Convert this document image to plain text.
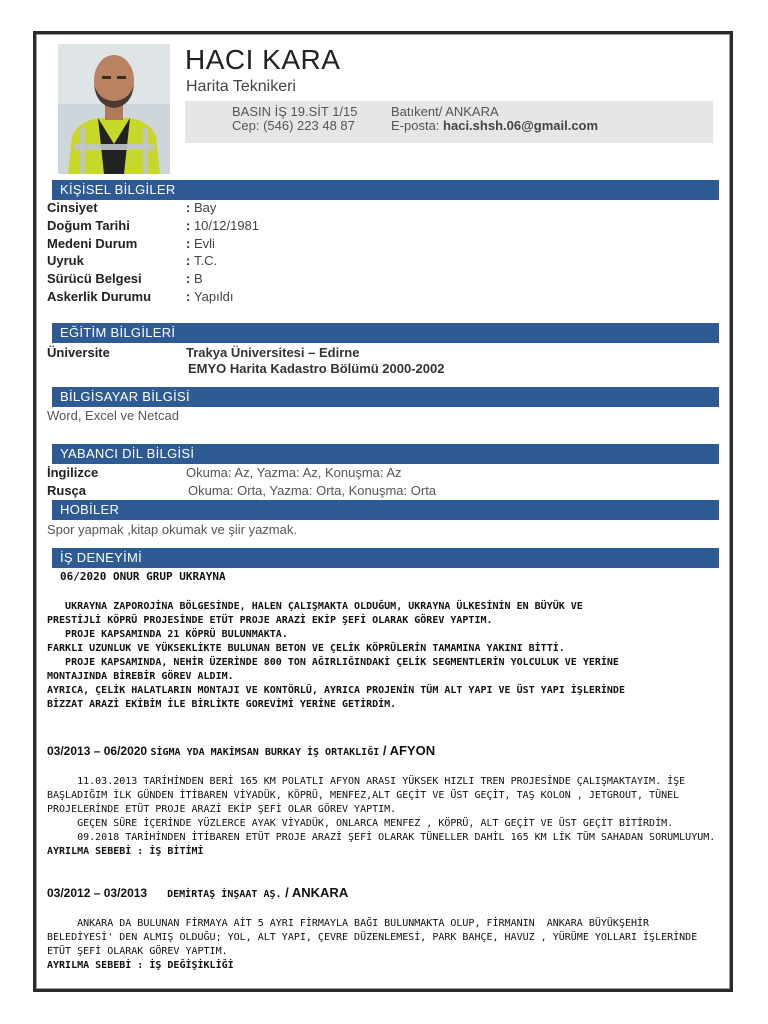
HACI KARA
Harita Teknikeri
BASIN İŞ 19.SİT 1/15	Batıkent/ ANKARA
Cep: (546) 223 48 87	E-posta: haci.shsh.06@gmail.com
KİŞİSEL BİLGİLER
Cinsiyet	: Bay
Doğum Tarihi	: 10/12/1981
Medeni Durum	: Evli
Uyruk	: T.C.
Sürücü Belgesi	: B
Askerlik Durumu	: Yapıldı
EĞİTİM BİLGİLERİ
Üniversite	Trakya Üniversitesi – Edirne
EMYO Harita Kadastro Bölümü 2000-2002
BİLGİSAYAR BİLGİSİ
Word, Excel ve Netcad
YABANCI DİL BİLGİSİ
İngilizce	Okuma: Az, Yazma: Az, Konuşma: Az
Rusça	Okuma: Orta, Yazma: Orta, Konuşma: Orta
HOBİLER
Spor yapmak ,kitap okumak ve şiir yazmak.
İŞ DENEYİMİ
06/2020 ONUR GRUP UKRAYNA
UKRAYNA ZAPOROJİNA BÖLGESİNDE, HALEN ÇALIŞMAKTA OLDUĞUM, UKRAYNA ÜLKESİNİN EN BÜYÜK VE
PRESTİJLİ KÖPRÜ PROJESİNDE ETÜT PROJE ARAZİ EKİP ŞEFİ OLARAK GÖREV YAPTIM.
PROJE KAPSAMINDA 21 KÖPRÜ BULUNMAKTA.
FARKLI UZUNLUK VE YÜKSEKLİKTE BULUNAN BETON VE ÇELİK KÖPRÜLERİN TAMAMINA YAKINI BİTTİ.
PROJE KAPSAMINDA, NEHİR ÜZERİNDE 800 TON AĞIRLIĞINDAKİ ÇELİK SEGMENTLERİN YOLCULUK VE YERİNE
MONTAJINDA BİREBİR GÖREV ALDIM.
AYRICA, ÇELİK HALATLARIN MONTAJI VE KONTÖRLÜ, AYRICA PROJENİN TÜM ALT YAPI VE ÜST YAPI İŞLERİNDE
BİZZAT ARAZİ EKİBİM İLE BİRLİKTE GOREVİMİ YERİNE GETİRDİM.
03/2013 – 06/2020 SİGMA YDA MAKİMSAN BURKAY İŞ ORTAKLIĞI / AFYON
11.03.2013 TARİHİNDEN BERİ 165 KM POLATLI AFYON ARASI YÜKSEK HIZLI TREN PROJESİNDE ÇALIŞMAKTAYIM. İŞE
BAŞLADIĞIM İLK GÜNDEN İTİBAREN VİYADÜK, KÖPRÜ, MENFEZ,ALT GEÇİT VE ÜST GEÇİT, TAŞ KOLON , JETGROUT, TÜNEL
PROJELERİNDE ETÜT PROJE ARAZİ EKİP ŞEFİ OLAR GÖREV YAPTIM.
GEÇEN SÜRE İÇERİNDE YÜZLERCE AYAK VİYADÜK, ONLARCA MENFEZ , KÖPRÜ, ALT GEÇİT VE ÜST GEÇİT BİTİRDİM.
09.2018 TARİHİNDEN İTİBAREN ETÜT PROJE ARAZİ ŞEFİ OLARAK TÜNELLER DAHİL 165 KM LİK TÜM SAHADAN SORUMLUYUM.
AYRILMA SEBEBİ : İŞ BİTİMİ
03/2012 – 03/2013 DEMİRTAŞ İNŞAAT AŞ. / ANKARA
ANKARA DA BULUNAN FİRMAYA AİT 5 AYRI FİRMAYLA BAĞI BULUNMAKTA OLUP, FİRMANIN  ANKARA BÜYÜKŞEHİR
BELEDİYESİ' DEN ALMIŞ OLDUĞU; YOL, ALT YAPI, ÇEVRE DÜZENLEMESİ, PARK BAHÇE, HAVUZ , YÜRÜME YOLLARI İŞLERİNDE
ETÜT ŞEFİ OLARAK GÖREV YAPTIM.
AYRILMA SEBEBİ : İŞ DEĞİŞİKLİĞİ
